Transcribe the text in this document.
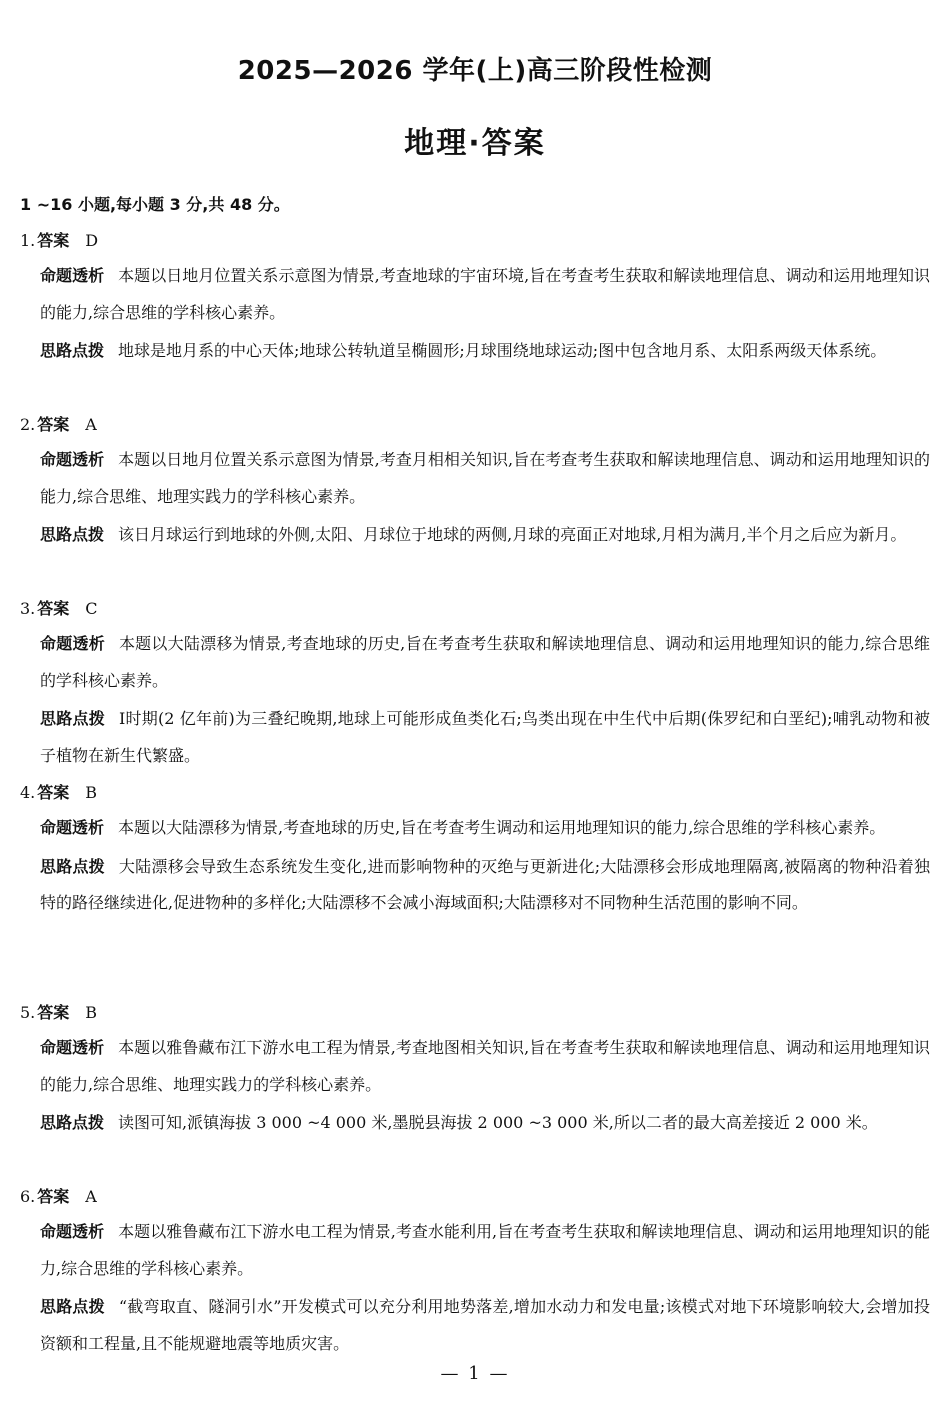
2025—2026 学年(上)高三阶段性检测
地理·答案
1 ~16 小题,每小题 3 分,共 48 分。
1. 答案 D
命题透析 本题以日地月位置关系示意图为情景,考查地球的宇宙环境,旨在考查考生获取和解读地理信息、调动和运用地理知识的能力,综合思维的学科核心素养。
思路点拨 地球是地月系的中心天体;地球公转轨道呈椭圆形;月球围绕地球运动;图中包含地月系、太阳系两级天体系统。
2. 答案 A
命题透析 本题以日地月位置关系示意图为情景,考查月相相关知识,旨在考查考生获取和解读地理信息、调动和运用地理知识的能力,综合思维、地理实践力的学科核心素养。
思路点拨 该日月球运行到地球的外侧,太阳、月球位于地球的两侧,月球的亮面正对地球,月相为满月,半个月之后应为新月。
3. 答案 C
命题透析 本题以大陆漂移为情景,考查地球的历史,旨在考查考生获取和解读地理信息、调动和运用地理知识的能力,综合思维的学科核心素养。
思路点拨 Ⅰ时期(2 亿年前)为三叠纪晚期,地球上可能形成鱼类化石;鸟类出现在中生代中后期(侏罗纪和白垩纪);哺乳动物和被子植物在新生代繁盛。
4. 答案 B
命题透析 本题以大陆漂移为情景,考查地球的历史,旨在考查考生调动和运用地理知识的能力,综合思维的学科核心素养。
思路点拨 大陆漂移会导致生态系统发生变化,进而影响物种的灭绝与更新进化;大陆漂移会形成地理隔离,被隔离的物种沿着独特的路径继续进化,促进物种的多样化;大陆漂移不会减小海域面积;大陆漂移对不同物种生活范围的影响不同。
5. 答案 B
命题透析 本题以雅鲁藏布江下游水电工程为情景,考查地图相关知识,旨在考查考生获取和解读地理信息、调动和运用地理知识的能力,综合思维、地理实践力的学科核心素养。
思路点拨 读图可知,派镇海拔 3 000 ~4 000 米,墨脱县海拔 2 000 ~3 000 米,所以二者的最大高差接近 2 000 米。
6. 答案 A
命题透析 本题以雅鲁藏布江下游水电工程为情景,考查水能利用,旨在考查考生获取和解读地理信息、调动和运用地理知识的能力,综合思维的学科核心素养。
思路点拨 “截弯取直、隧洞引水”开发模式可以充分利用地势落差,增加水动力和发电量;该模式对地下环境影响较大,会增加投资额和工程量,且不能规避地震等地质灾害。
— 1 —
